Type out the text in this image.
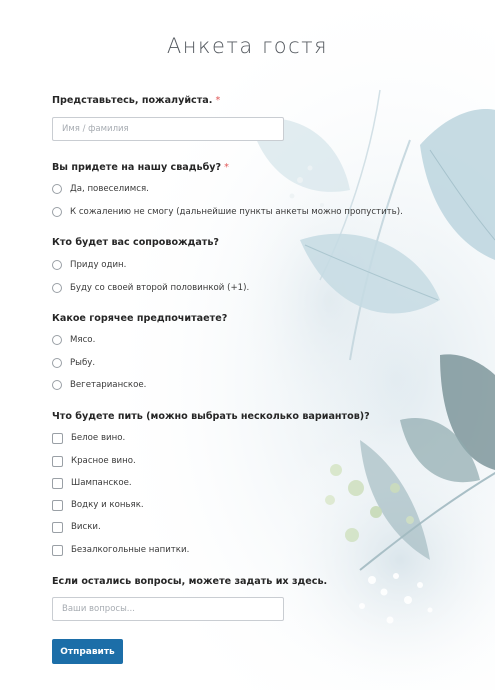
Анкета гостя
Представьтесь, пожалуйста. *
Имя / фамилия
Вы придете на нашу свадьбу? *
Да, повеселимся.
К сожалению не смогу (дальнейшие пункты анкеты можно пропустить).
Кто будет вас сопровождать?
Приду один.
Буду со своей второй половинкой (+1).
Какое горячее предпочитаете?
Мясо.
Рыбу.
Вегетарианское.
Что будете пить (можно выбрать несколько вариантов)?
Белое вино.
Красное вино.
Шампанское.
Водку и коньяк.
Виски.
Безалкогольные напитки.
Если остались вопросы, можете задать их здесь.
Ваши вопросы...
Отправить
